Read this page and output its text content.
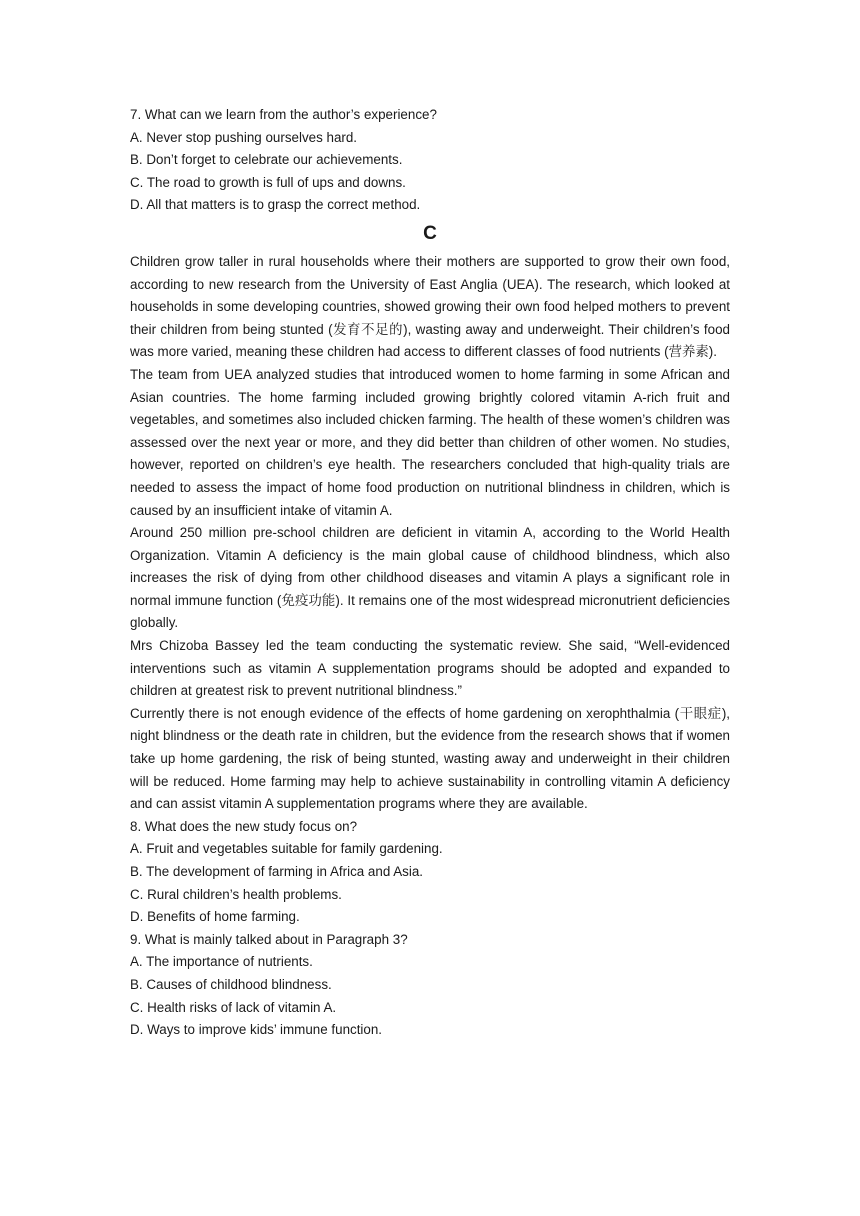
7. What can we learn from the author’s experience?

A. Never stop pushing ourselves hard.

B. Don’t forget to celebrate our achievements.

C. The road to growth is full of ups and downs.

D. All that matters is to grasp the correct method.

C

Children grow taller in rural households where their mothers are supported to grow their own food, according to new research from the University of East Anglia (UEA). The research, which looked at households in some developing countries, showed growing their own food helped mothers to prevent their children from being stunted (发育不足的), wasting away and underweight. Their children’s food was more varied, meaning these children had access to different classes of food nutrients (营养素).

The team from UEA analyzed studies that introduced women to home farming in some African and Asian countries. The home farming included growing brightly colored vitamin A-rich fruit and vegetables, and sometimes also included chicken farming. The health of these women’s children was assessed over the next year or more, and they did better than children of other women. No studies, however, reported on children’s eye health. The researchers concluded that high-quality trials are needed to assess the impact of home food production on nutritional blindness in children, which is caused by an insufficient intake of vitamin A.

Around 250 million pre-school children are deficient in vitamin A, according to the World Health Organization. Vitamin A deficiency is the main global cause of childhood blindness, which also increases the risk of dying from other childhood diseases and vitamin A plays a significant role in normal immune function (免疫功能). It remains one of the most widespread micronutrient deficiencies globally.

Mrs Chizoba Bassey led the team conducting the systematic review. She said, “Well-evidenced interventions such as vitamin A supplementation programs should be adopted and expanded to children at greatest risk to prevent nutritional blindness.”

Currently there is not enough evidence of the effects of home gardening on xerophthalmia (干眼症), night blindness or the death rate in children, but the evidence from the research shows that if women take up home gardening, the risk of being stunted, wasting away and underweight in their children will be reduced. Home farming may help to achieve sustainability in controlling vitamin A deficiency and can assist vitamin A supplementation programs where they are available.

8. What does the new study focus on?

A. Fruit and vegetables suitable for family gardening.

B. The development of farming in Africa and Asia.

C. Rural children’s health problems.

D. Benefits of home farming.

9. What is mainly talked about in Paragraph 3?

A. The importance of nutrients.

B. Causes of childhood blindness.

C. Health risks of lack of vitamin A.

D. Ways to improve kids’ immune function.
